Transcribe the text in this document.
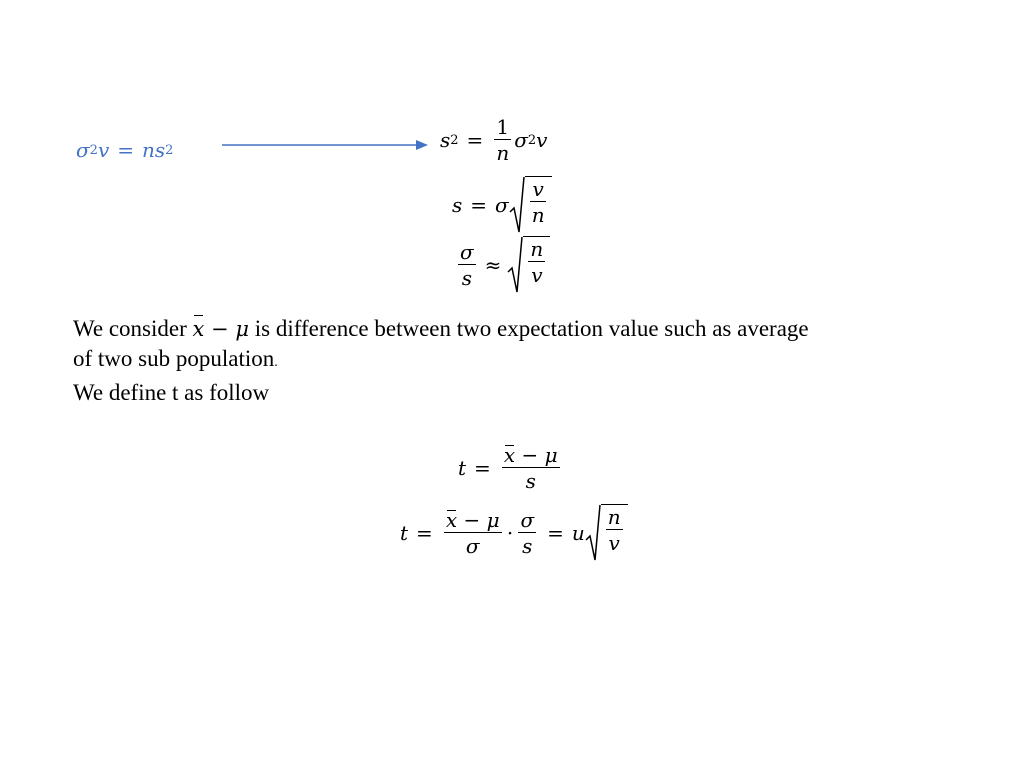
σ 2 v = n s 2	s $2 = \frac{1}{n}$ σ 2 v
s = σ $\frac{v}{n}$
$\frac{\sigma}{s} \approx \frac{n}{v}$
We consider x − μ is difference between two expectation value such as average
of two sub population.
We define t as follow
$t = \frac{x - \mu}{s}$
$t = \frac{x - \mu}{\sigma} \cdot \frac{\sigma}{s} = u \frac{n}{v}$
